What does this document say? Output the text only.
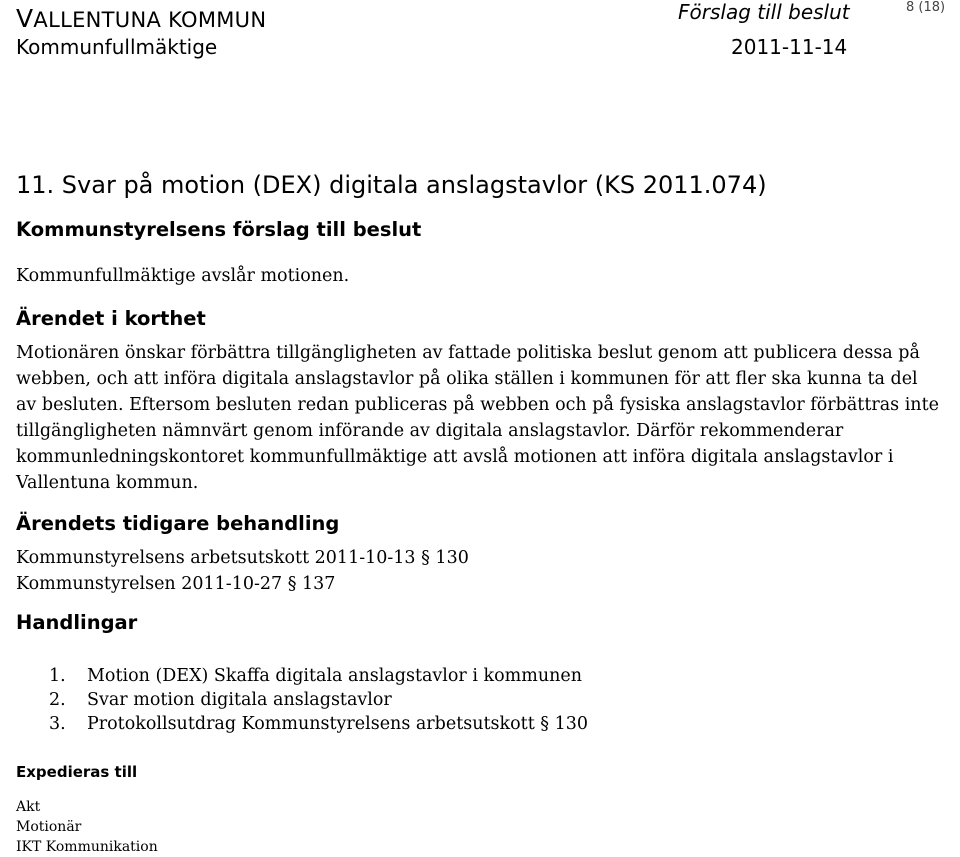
VALLENTUNA KOMMUN	Förslag till beslut	8 (18)
Kommunfullmäktige	2011-11-14
11. Svar på motion (DEX) digitala anslagstavlor (KS 2011.074)
Kommunstyrelsens förslag till beslut
Kommunfullmäktige avslår motionen.
Ärendet i korthet
Motionären önskar förbättra tillgängligheten av fattade politiska beslut genom att publicera dessa på
webben, och att införa digitala anslagstavlor på olika ställen i kommunen för att fler ska kunna ta del
av besluten. Eftersom besluten redan publiceras på webben och på fysiska anslagstavlor förbättras inte
tillgängligheten nämnvärt genom införande av digitala anslagstavlor. Därför rekommenderar
kommunledningskontoret kommunfullmäktige att avslå motionen att införa digitala anslagstavlor i
Vallentuna kommun.
Ärendets tidigare behandling
Kommunstyrelsens arbetsutskott 2011-10-13 § 130
Kommunstyrelsen 2011-10-27 § 137
Handlingar
1. Motion (DEX) Skaffa digitala anslagstavlor i kommunen
2. Svar motion digitala anslagstavlor
3. Protokollsutdrag Kommunstyrelsens arbetsutskott § 130
Expedieras till
Akt
Motionär
IKT Kommunikation
